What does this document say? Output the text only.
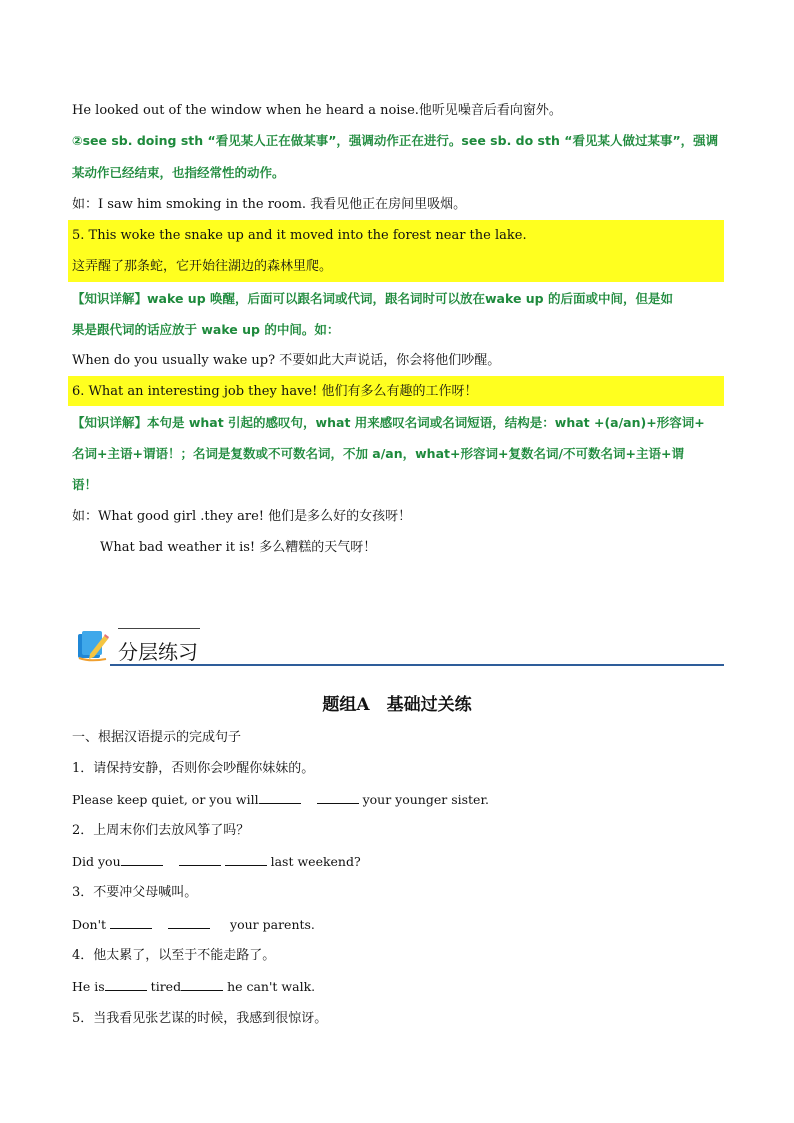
He looked out of the window when he heard a noise.他听见噪音后看向窗外。
②see sb. doing sth “看见某人正在做某事”，强调动作正在进行。see sb. do sth “看见某人做过某事”，强调
某动作已经结束，也指经常性的动作。
如：I saw him smoking in the room. 我看见他正在房间里吸烟。
5. This woke the snake up and it moved into the forest near the lake.
这弄醒了那条蛇，它开始往湖边的森林里爬。
【知识详解】wake up 唤醒，后面可以跟名词或代词，跟名词时可以放在wake up 的后面或中间，但是如
果是跟代词的话应放于 wake up 的中间。如：
When do you usually wake up? 不要如此大声说话，你会将他们吵醒。
6. What an interesting job they have! 他们有多么有趣的工作呀！
【知识详解】本句是 what 引起的感叹句，what 用来感叹名词或名词短语，结构是：what +(a/an)+形容词+
名词+主语+谓语！；名词是复数或不可数名词，不加 a/an，what+形容词+复数名词/不可数名词+主语+谓
语！
如：What good girl .they are! 他们是多么好的女孩呀！
What bad weather it is! 多么糟糕的天气呀！
分层练习
题组A　基础过关练
一、根据汉语提示的完成句子
1．请保持安静，否则你会吵醒你妹妹的。
Please keep quiet, or you will	your younger sister.
2．上周末你们去放风筝了吗？
Did you	last weekend?
3．不要冲父母喊叫。
Don't	your parents.
4．他太累了，以至于不能走路了。
He is	tired	he can't walk.
5．当我看见张艺谋的时候，我感到很惊讶。
